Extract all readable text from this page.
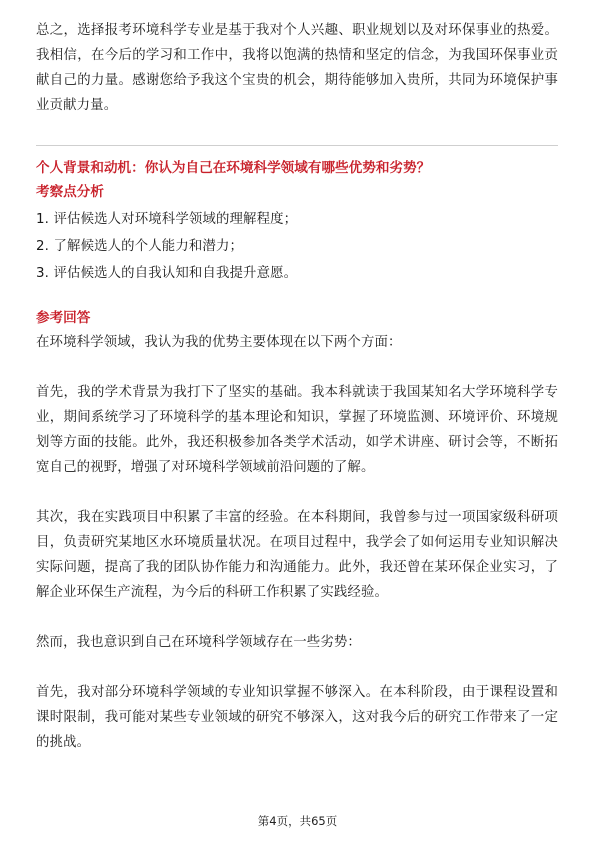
总之，选择报考环境科学专业是基于我对个人兴趣、职业规划以及对环保事业的热爱。我相信，在今后的学习和工作中，我将以饱满的热情和坚定的信念，为我国环保事业贡献自己的力量。感谢您给予我这个宝贵的机会，期待能够加入贵所，共同为环境保护事业贡献力量。

个人背景和动机：你认为自己在环境科学领域有哪些优势和劣势？
考察点分析

1. 评估候选人对环境科学领域的理解程度；

2. 了解候选人的个人能力和潜力；

3. 评估候选人的自我认知和自我提升意愿。

参考回答

在环境科学领域，我认为我的优势主要体现在以下两个方面：

首先，我的学术背景为我打下了坚实的基础。我本科就读于我国某知名大学环境科学专业，期间系统学习了环境科学的基本理论和知识，掌握了环境监测、环境评价、环境规划等方面的技能。此外，我还积极参加各类学术活动，如学术讲座、研讨会等，不断拓宽自己的视野，增强了对环境科学领域前沿问题的了解。

其次，我在实践项目中积累了丰富的经验。在本科期间，我曾参与过一项国家级科研项目，负责研究某地区水环境质量状况。在项目过程中，我学会了如何运用专业知识解决实际问题，提高了我的团队协作能力和沟通能力。此外，我还曾在某环保企业实习，了解企业环保生产流程，为今后的科研工作积累了实践经验。

然而，我也意识到自己在环境科学领域存在一些劣势：

首先，我对部分环境科学领域的专业知识掌握不够深入。在本科阶段，由于课程设置和课时限制，我可能对某些专业领域的研究不够深入，这对我今后的研究工作带来了一定的挑战。

第4页，共65页
